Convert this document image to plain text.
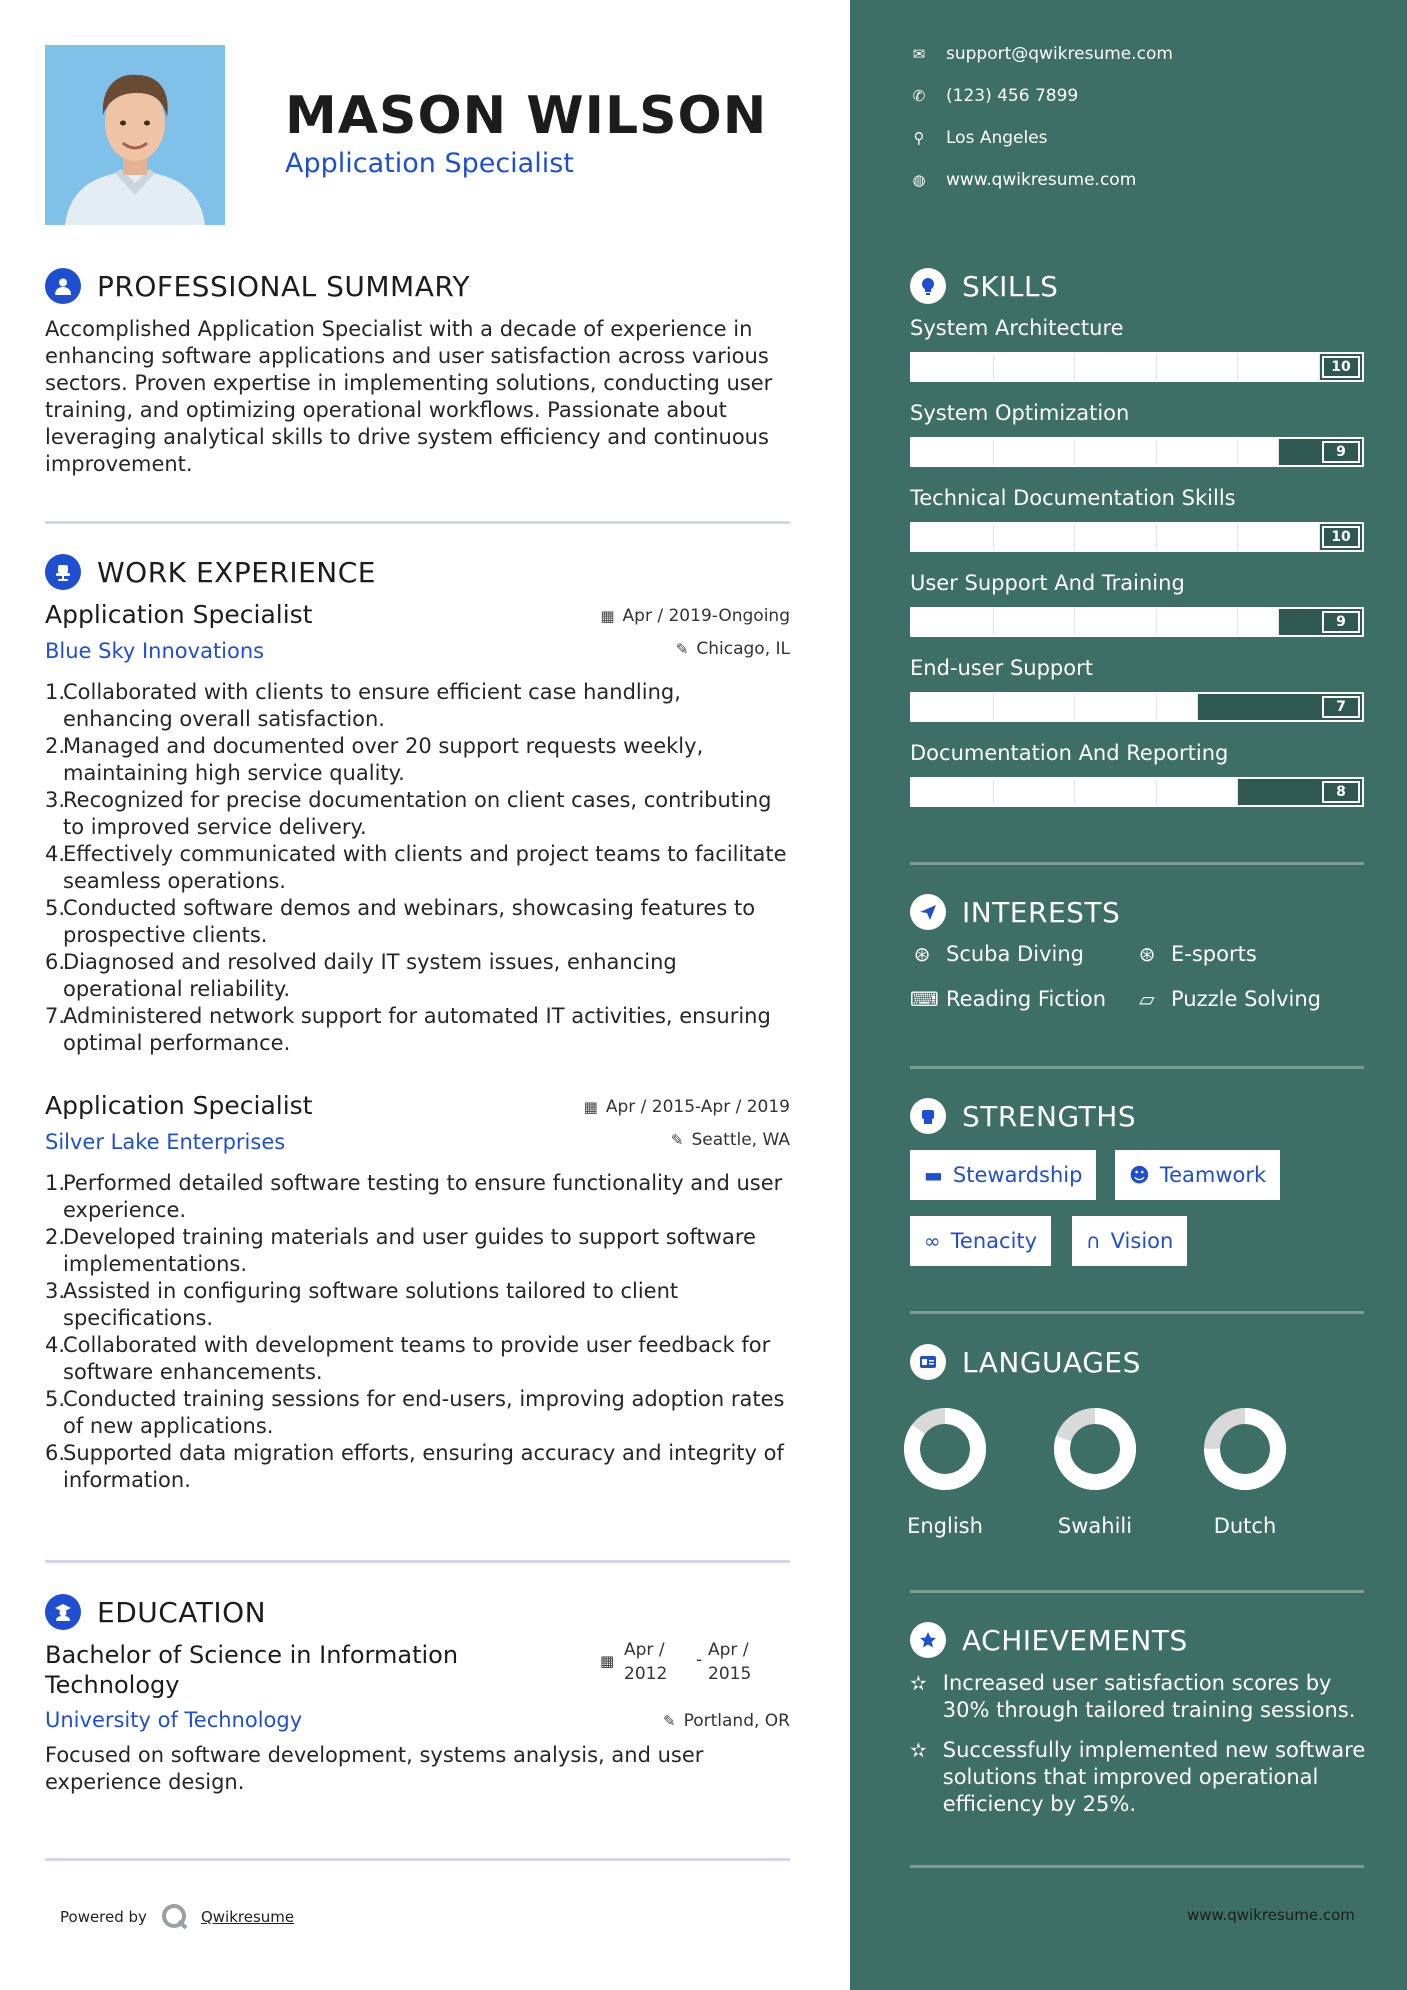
MASON WILSON
Application Specialist
PROFESSIONAL SUMMARY
Accomplished Application Specialist with a decade of experience in enhancing software applications and user satisfaction across various sectors. Proven expertise in implementing solutions, conducting user training, and optimizing operational workflows. Passionate about leveraging analytical skills to drive system efficiency and continuous improvement.
WORK EXPERIENCE
Application Specialist
Blue Sky Innovations
▦ Apr / 2019-Ongoing
✎ Chicago, IL
1.
Collaborated with clients to ensure efficient case handling, enhancing overall satisfaction.
2.
Managed and documented over 20 support requests weekly, maintaining high service quality.
3.
Recognized for precise documentation on client cases, contributing to improved service delivery.
4.
Effectively communicated with clients and project teams to facilitate seamless operations.
5.
Conducted software demos and webinars, showcasing features to prospective clients.
6.
Diagnosed and resolved daily IT system issues, enhancing operational reliability.
7.
Administered network support for automated IT activities, ensuring optimal performance.
Application Specialist
Silver Lake Enterprises
▦ Apr / 2015-Apr / 2019
✎ Seattle, WA
1.
Performed detailed software testing to ensure functionality and user experience.
2.
Developed training materials and user guides to support software implementations.
3.
Assisted in configuring software solutions tailored to client specifications.
4.
Collaborated with development teams to provide user feedback for software enhancements.
5.
Conducted training sessions for end-users, improving adoption rates of new applications.
6.
Supported data migration efforts, ensuring accuracy and integrity of information.
EDUCATION
Bachelor of Science in Information
Technology
University of Technology
▦
Apr /
2012
- Apr /
2015
✎ Portland, OR
Focused on software development, systems analysis, and user experience design.
Powered by	Qwikresume
✉ support@qwikresume.com
✆ (123) 456 7899
⚲ Los Angeles
◍ www.qwikresume.com
SKILLS
System Architecture
10
System Optimization
9
Technical Documentation Skills
10
User Support And Training
9
End-user Support
7
Documentation And Reporting
8
INTERESTS
⊛ Scuba Diving	⊛ E-sports
⌨ Reading Fiction ▱ Puzzle Solving
STRENGTHS
▬ Stewardship ☻ Teamwork
∞ Tenacity ∩ Vision
LANGUAGES
English	Swahili	Dutch
ACHIEVEMENTS
✫ Increased user satisfaction scores by 30% through tailored training sessions.
✫ Successfully implemented new software solutions that improved operational efficiency by 25%.
www.qwikresume.com
